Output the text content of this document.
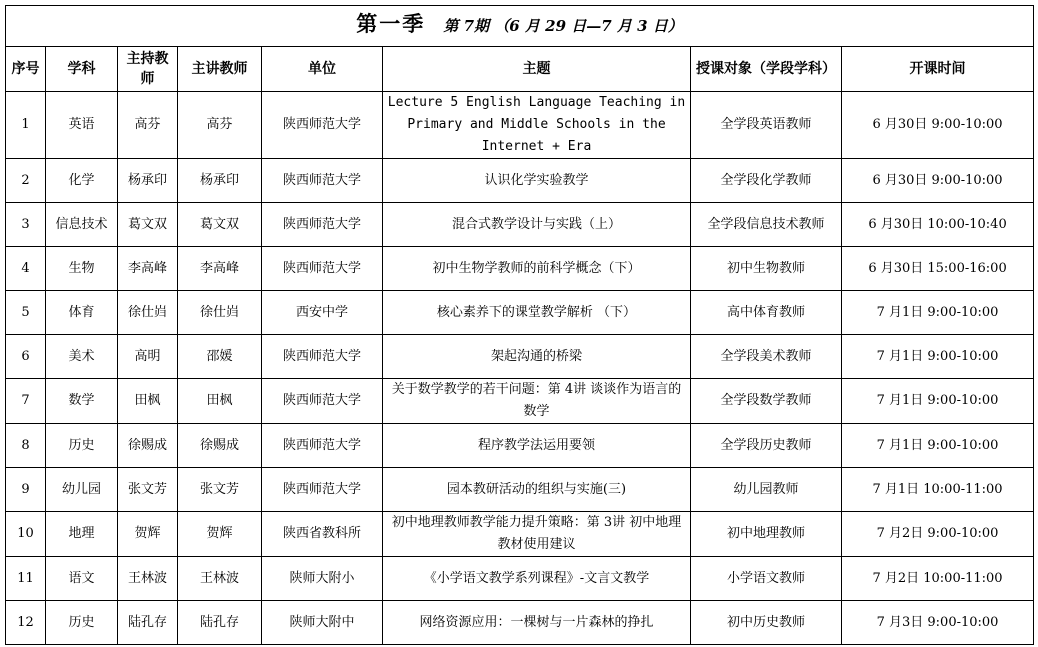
第一季 第 7期 （6 月 29 日—7 月 3 日）							
序号	学科	主持教师	主讲教师	单位	主题	授课对象（学段学科）	开课时间
1	英语	高芬	高芬	陕西师范大学	Lecture 5 English Language Teaching in Primary and Middle Schools in the Internet + Era	全学段英语教师	6 月30日 9:00-10:00
2	化学	杨承印	杨承印	陕西师范大学	认识化学实验教学	全学段化学教师	6 月30日 9:00-10:00
3	信息技术	葛文双	葛文双	陕西师范大学	混合式教学设计与实践（上）	全学段信息技术教师	6 月30日 10:00-10:40
4	生物	李高峰	李高峰	陕西师范大学	初中生物学教师的前科学概念（下）	初中生物教师	6 月30日 15:00-16:00
5	体育	徐仕岿	徐仕岿	西安中学	核心素养下的课堂教学解析 （下）	高中体育教师	7 月1日 9:00-10:00
6	美术	高明	邵媛	陕西师范大学	架起沟通的桥梁	全学段美术教师	7 月1日 9:00-10:00
7	数学	田枫	田枫	陕西师范大学	关于数学教学的若干问题：第 4讲 谈谈作为语言的数学	全学段数学教师	7 月1日 9:00-10:00
8	历史	徐赐成	徐赐成	陕西师范大学	程序教学法运用要领	全学段历史教师	7 月1日 9:00-10:00
9	幼儿园	张文芳	张文芳	陕西师范大学	园本教研活动的组织与实施(三)	幼儿园教师	7 月1日 10:00-11:00
10	地理	贺辉	贺辉	陕西省教科所	初中地理教师教学能力提升策略：第 3讲 初中地理教材使用建议	初中地理教师	7 月2日 9:00-10:00
11	语文	王林波	王林波	陕师大附小	《小学语文教学系列课程》-文言文教学	小学语文教师	7 月2日 10:00-11:00
12	历史	陆孔存	陆孔存	陕师大附中	网络资源应用：一棵树与一片森林的挣扎	初中历史教师	7 月3日 9:00-10:00
